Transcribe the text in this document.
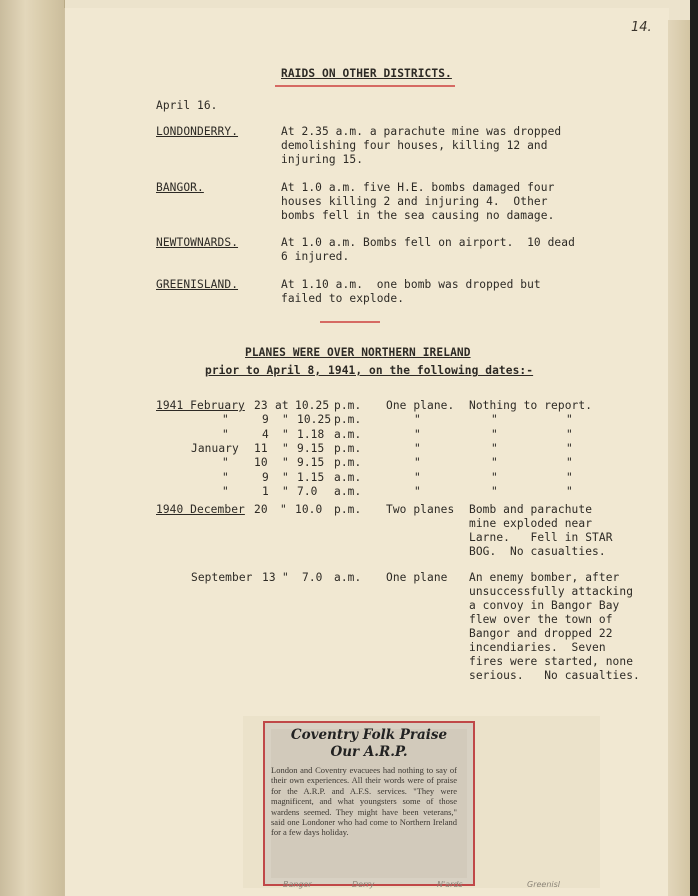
14.
RAIDS ON OTHER DISTRICTS.
April 16.
LONDONDERRY.	At 2.35 a.m. a parachute mine was dropped
demolishing four houses, killing 12 and
injuring 15.
BANGOR.	At 1.0 a.m. five H.E. bombs damaged four
houses killing 2 and injuring 4.  Other
bombs fell in the sea causing no damage.
NEWTOWNARDS.	At 1.0 a.m. Bombs fell on airport.  10 dead
6 injured.
GREENISLAND.	At 1.10 a.m.  one bomb was dropped but
failed to explode.
PLANES WERE OVER NORTHERN IRELAND
prior to April 8, 1941, on the following dates:-
1941 February 23 at 10.25 p.m. One plane. Nothing to report.
"	9 " 10.25 p.m.	"	"	"
"	4 " 1.18 a.m.	"	"	"
January 11 " 9.15 p.m.	"	"	"
" 10 " 9.15 p.m.	"	"	"
"	9 " 1.15 a.m.	"	"	"
"	1 " 7.0 a.m.	"	"	"
1940 December 20 " 10.0 p.m. Two planes Bomb and parachute
mine exploded near
Larne.   Fell in STAR
BOG.  No casualties.
September 13 " 7.0 a.m. One plane An enemy bomber, after
unsuccessfully attacking
a convoy in Bangor Bay
flew over the town of
Bangor and dropped 22
incendiaries.  Seven
fires were started, none
serious.   No casualties.
Coventry Folk Praise
Our A.R.P.
London and Coventry evacuees had nothing to say of their own experiences. All their words were of praise for the A.R.P. and A.F.S. services. "They were magnificent, and what youngsters some of those wardens seemed. They might have been veterans," said one Londoner who had come to Northern Ireland for a few days holiday.
Bangor	Derry	N'ards	Greenisl
